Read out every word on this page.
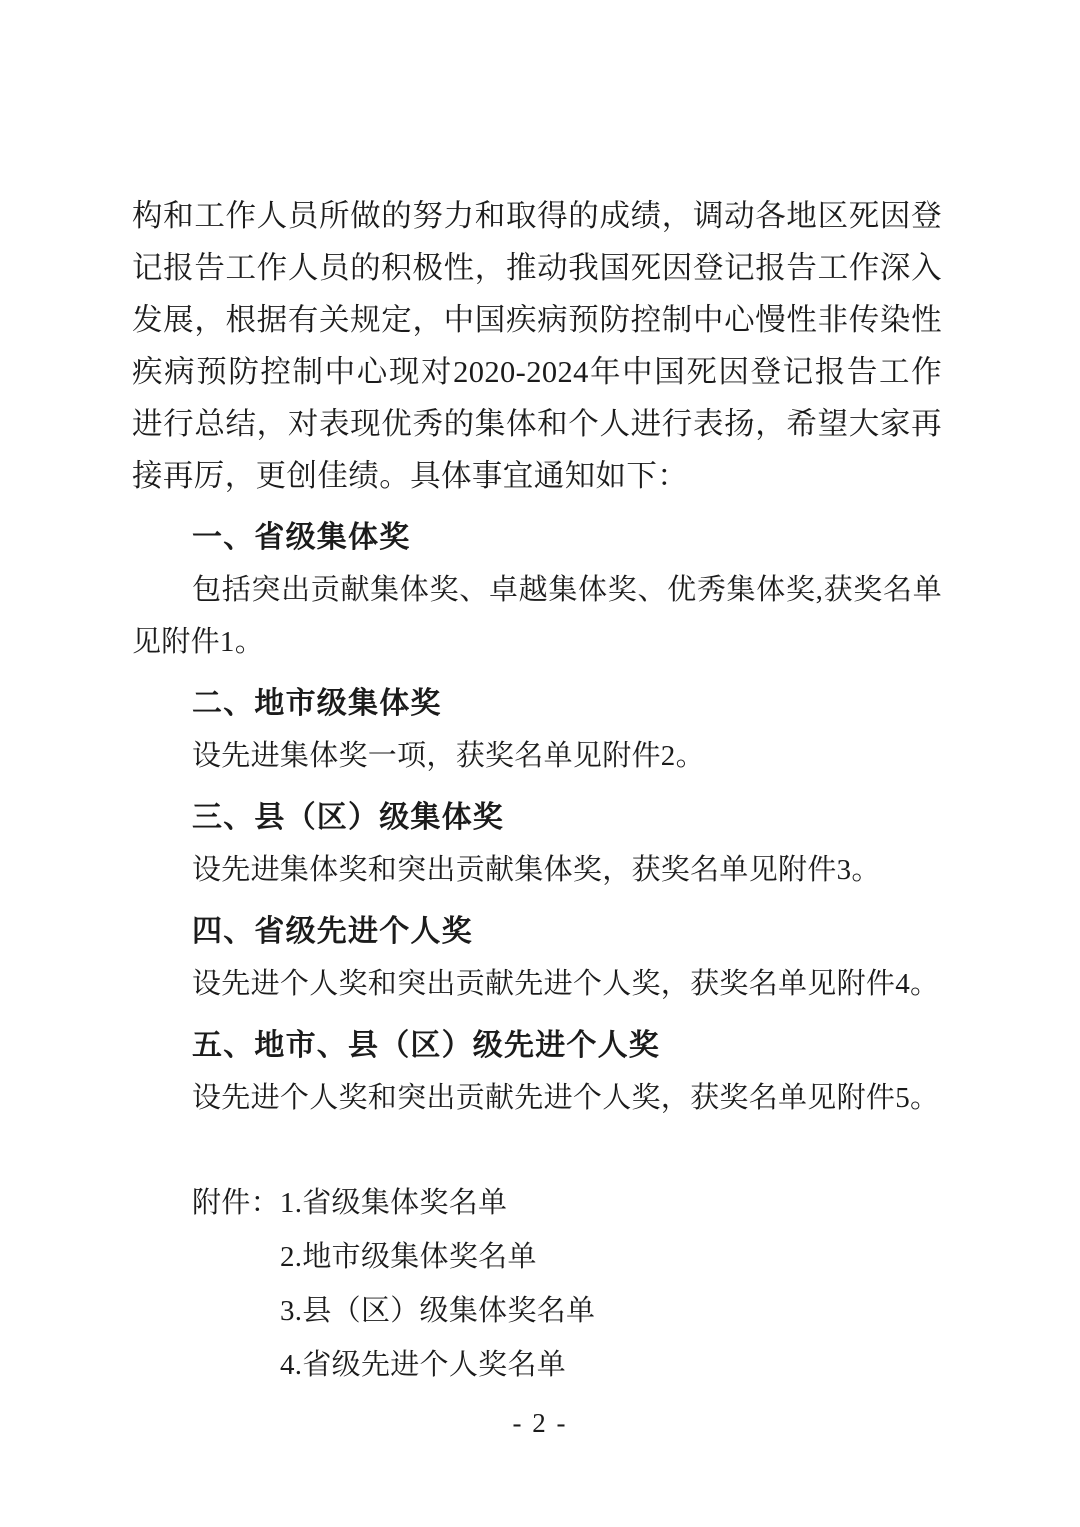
构和工作人员所做的努力和取得的成绩，调动各地区死因登记报告工作人员的积极性，推动我国死因登记报告工作深入发展，根据有关规定，中国疾病预防控制中心慢性非传染性疾病预防控制中心现对2020-2024年中国死因登记报告工作进行总结，对表现优秀的集体和个人进行表扬，希望大家再接再厉，更创佳绩。具体事宜通知如下：

一、省级集体奖

包括突出贡献集体奖、卓越集体奖、优秀集体奖,获奖名单见附件1。

二、地市级集体奖

设先进集体奖一项，获奖名单见附件2。

三、县（区）级集体奖

设先进集体奖和突出贡献集体奖，获奖名单见附件3。

四、省级先进个人奖

设先进个人奖和突出贡献先进个人奖，获奖名单见附件4。

五、地市、县（区）级先进个人奖

设先进个人奖和突出贡献先进个人奖，获奖名单见附件5。

附件：1.省级集体奖名单

2.地市级集体奖名单

3.县（区）级集体奖名单

4.省级先进个人奖名单

- 2 -
